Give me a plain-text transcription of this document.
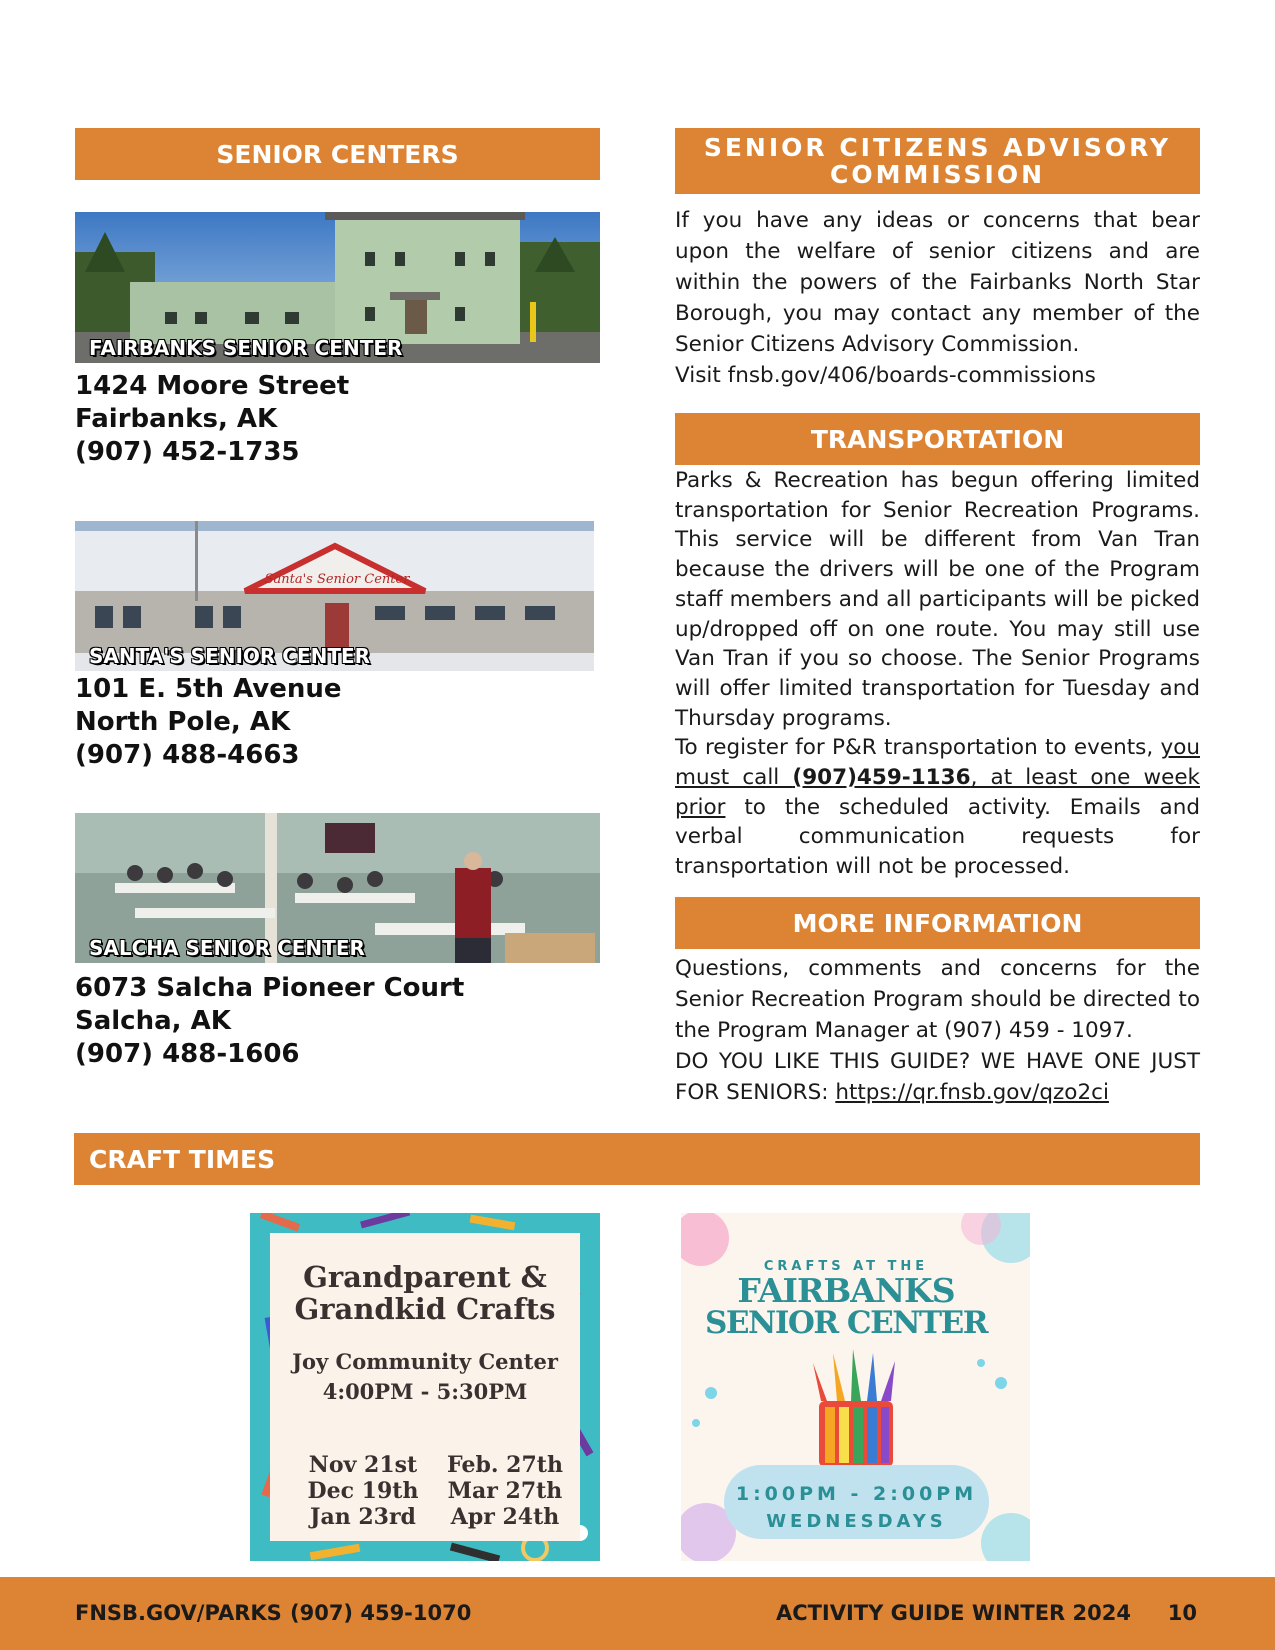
SENIOR CENTERS
FAIRBANKS SENIOR CENTER
1424 Moore Street
Fairbanks, AK
(907) 452-1735
Santa's Senior Center
SANTA'S SENIOR CENTER
101 E. 5th Avenue
North Pole, AK
(907) 488-4663
SALCHA SENIOR CENTER
6073 Salcha Pioneer Court
Salcha, AK
(907) 488-1606
SENIOR CITIZENS ADVISORY
COMMISSION

If you have any ideas or concerns that bear upon the welfare of senior citizens and are within the powers of the Fairbanks North Star Borough, you may contact any member of the Senior Citizens Advisory Commission.

Visit fnsb.gov/406/boards-commissions

TRANSPORTATION

Parks & Recreation has begun offering limited transportation for Senior Recreation Programs. This service will be different from Van Tran because the drivers will be one of the Program staff members and all participants will be picked up/dropped off on one route. You may still use Van Tran if you so choose. The Senior Programs will offer limited transportation for Tuesday and Thursday programs.

To register for P&R transportation to events, you must call (907)459-1136, at least one week prior to the scheduled activity. Emails and verbal communication requests for transportation will not be processed.

MORE INFORMATION

Questions, comments and concerns for the Senior Recreation Program should be directed to the Program Manager at (907) 459 - 1097.

DO YOU LIKE THIS GUIDE? WE HAVE ONE JUST FOR SENIORS: https://qr.fnsb.gov/qzo2ci

CRAFT TIMES
Grandparent &
Grandkid Crafts
Joy Community Center
4:00PM - 5:30PM
Nov 21st
Dec 19th
Jan 23rd
Feb. 27th
Mar 27th
Apr 24th
CRAFTS AT THE
FAIRBANKS
SENIOR CENTER
1:00PM - 2:00PM
WEDNESDAYS
FNSB.GOV/PARKS (907) 459-1070	ACTIVITY GUIDE WINTER 2024 10
